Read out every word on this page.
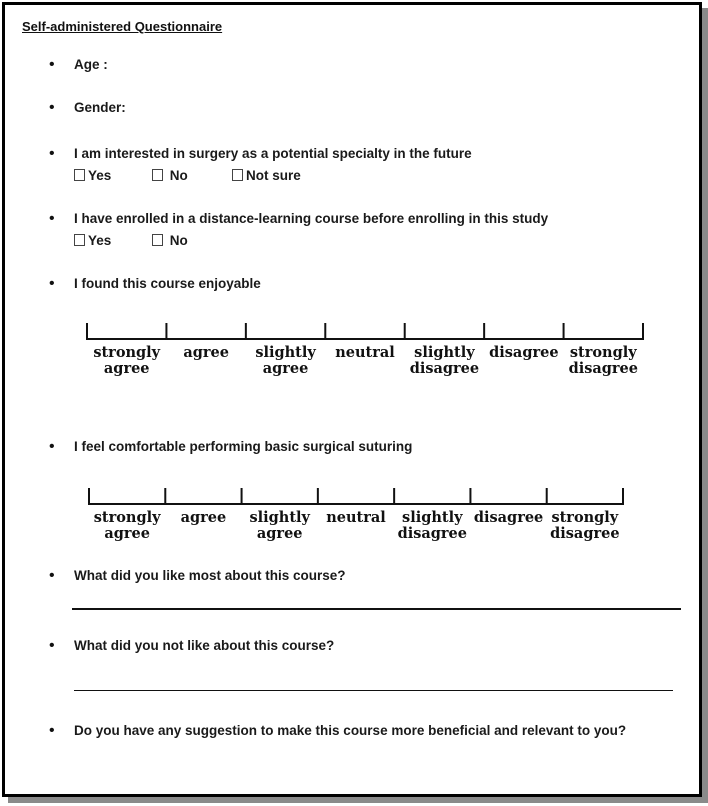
Self-administered Questionnaire
• Age :
• Gender:
• I am interested in surgery as a potential specialty in the future
Yes	No	Not sure
• I have enrolled in a distance-learning course before enrolling in this study
Yes	No
• I found this course enjoyable
strongly
agree
agree	slightly
agree
neutral	slightly
disagree
disagree strongly
disagree
• I feel comfortable performing basic surgical suturing
strongly
agree
agree	slightly
agree
neutral	slightly
disagree
disagree strongly
disagree
• What did you like most about this course?
• What did you not like about this course?
• Do you have any suggestion to make this course more beneficial and relevant to you?
